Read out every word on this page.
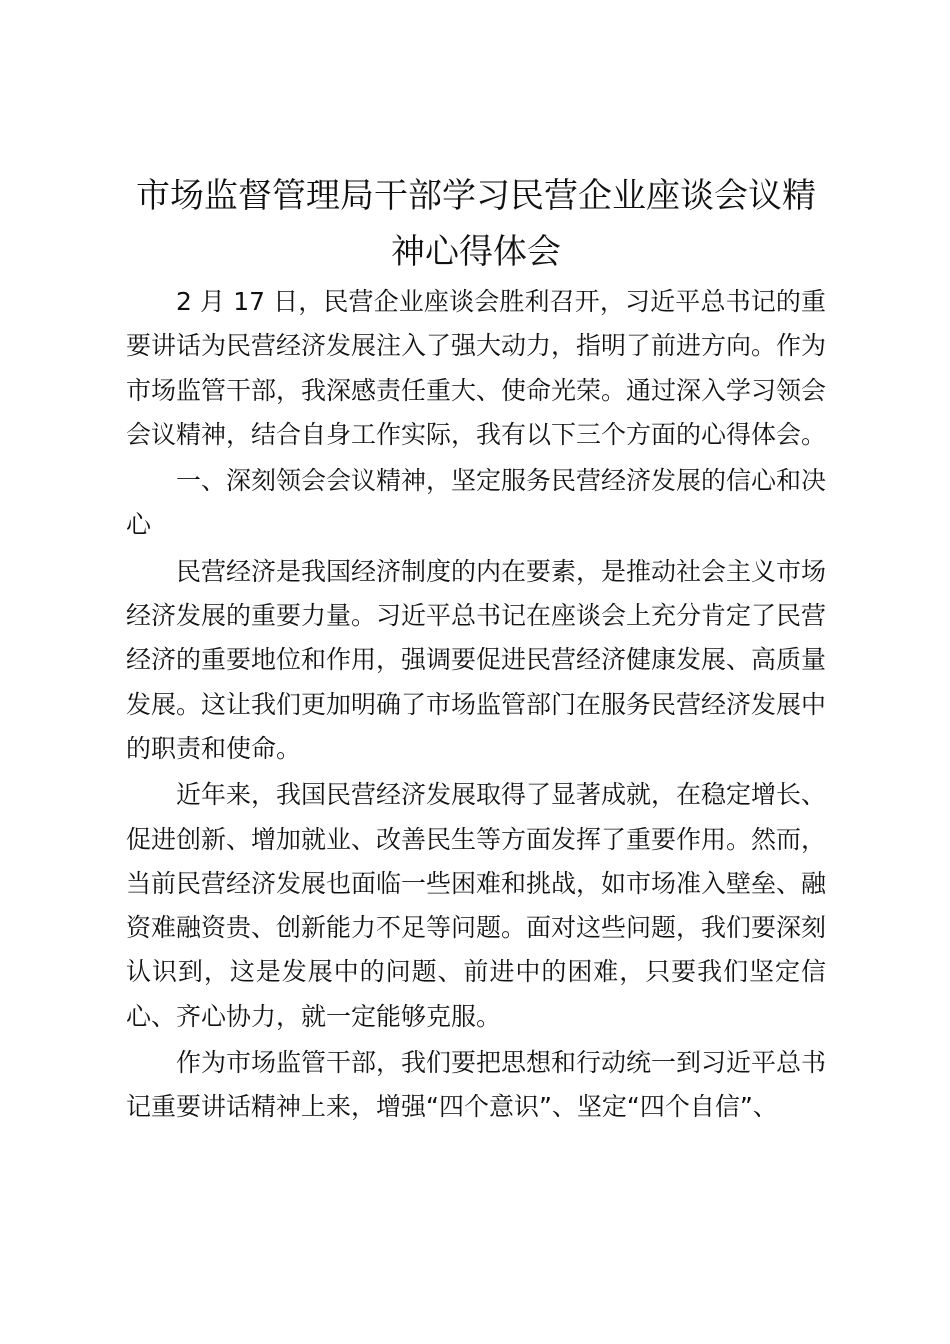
市场监督管理局干部学习民营企业座谈会议精
神心得体会

2 月 17 日，民营企业座谈会胜利召开，习近平总书记的重要讲话为民营经济发展注入了强大动力，指明了前进方向。作为市场监管干部，我深感责任重大、使命光荣。通过深入学习领会会议精神，结合自身工作实际，我有以下三个方面的心得体会。

一、深刻领会会议精神，坚定服务民营经济发展的信心和决心

民营经济是我国经济制度的内在要素，是推动社会主义市场经济发展的重要力量。习近平总书记在座谈会上充分肯定了民营经济的重要地位和作用，强调要促进民营经济健康发展、高质量发展。这让我们更加明确了市场监管部门在服务民营经济发展中的职责和使命。

近年来，我国民营经济发展取得了显著成就，在稳定增长、促进创新、增加就业、改善民生等方面发挥了重要作用。然而，当前民营经济发展也面临一些困难和挑战，如市场准入壁垒、融资难融资贵、创新能力不足等问题。面对这些问题，我们要深刻认识到，这是发展中的问题、前进中的困难，只要我们坚定信心、齐心协力，就一定能够克服。

作为市场监管干部，我们要把思想和行动统一到习近平总书记重要讲话精神上来，增强“四个意识”、坚定“四个自信”、
